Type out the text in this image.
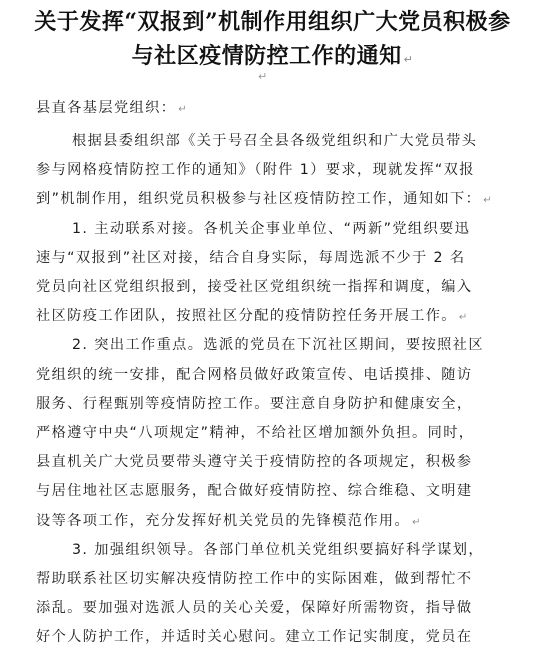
关于发挥“双报到”机制作用组织广大党员积极参
与社区疫情防控工作的通知 ↵
↵
县直各基层党组织： ↵
根据县委组织部《关于号召全县各级党组织和广大党员带头
参与网格疫情防控工作的通知》（附件 1）要求，现就发挥“双报
到”机制作用，组织党员积极参与社区疫情防控工作，通知如下： ↵
1. 主动联系对接。各机关企事业单位、“两新”党组织要迅
速与“双报到”社区对接，结合自身实际，每周选派不少于 2 名
党员向社区党组织报到，接受社区党组织统一指挥和调度，编入
社区防疫工作团队，按照社区分配的疫情防控任务开展工作。 ↵
2. 突出工作重点。选派的党员在下沉社区期间，要按照社区
党组织的统一安排，配合网格员做好政策宣传、电话摸排、随访
服务、行程甄别等疫情防控工作。要注意自身防护和健康安全，
严格遵守中央“八项规定”精神，不给社区增加额外负担。同时，
县直机关广大党员要带头遵守关于疫情防控的各项规定，积极参
与居住地社区志愿服务，配合做好疫情防控、综合维稳、文明建
设等各项工作，充分发挥好机关党员的先锋模范作用。 ↵
3. 加强组织领导。各部门单位机关党组织要搞好科学谋划，
帮助联系社区切实解决疫情防控工作中的实际困难，做到帮忙不
添乱。要加强对选派人员的关心关爱，保障好所需物资，指导做
好个人防护工作，并适时关心慰问。建立工作记实制度，党员在
